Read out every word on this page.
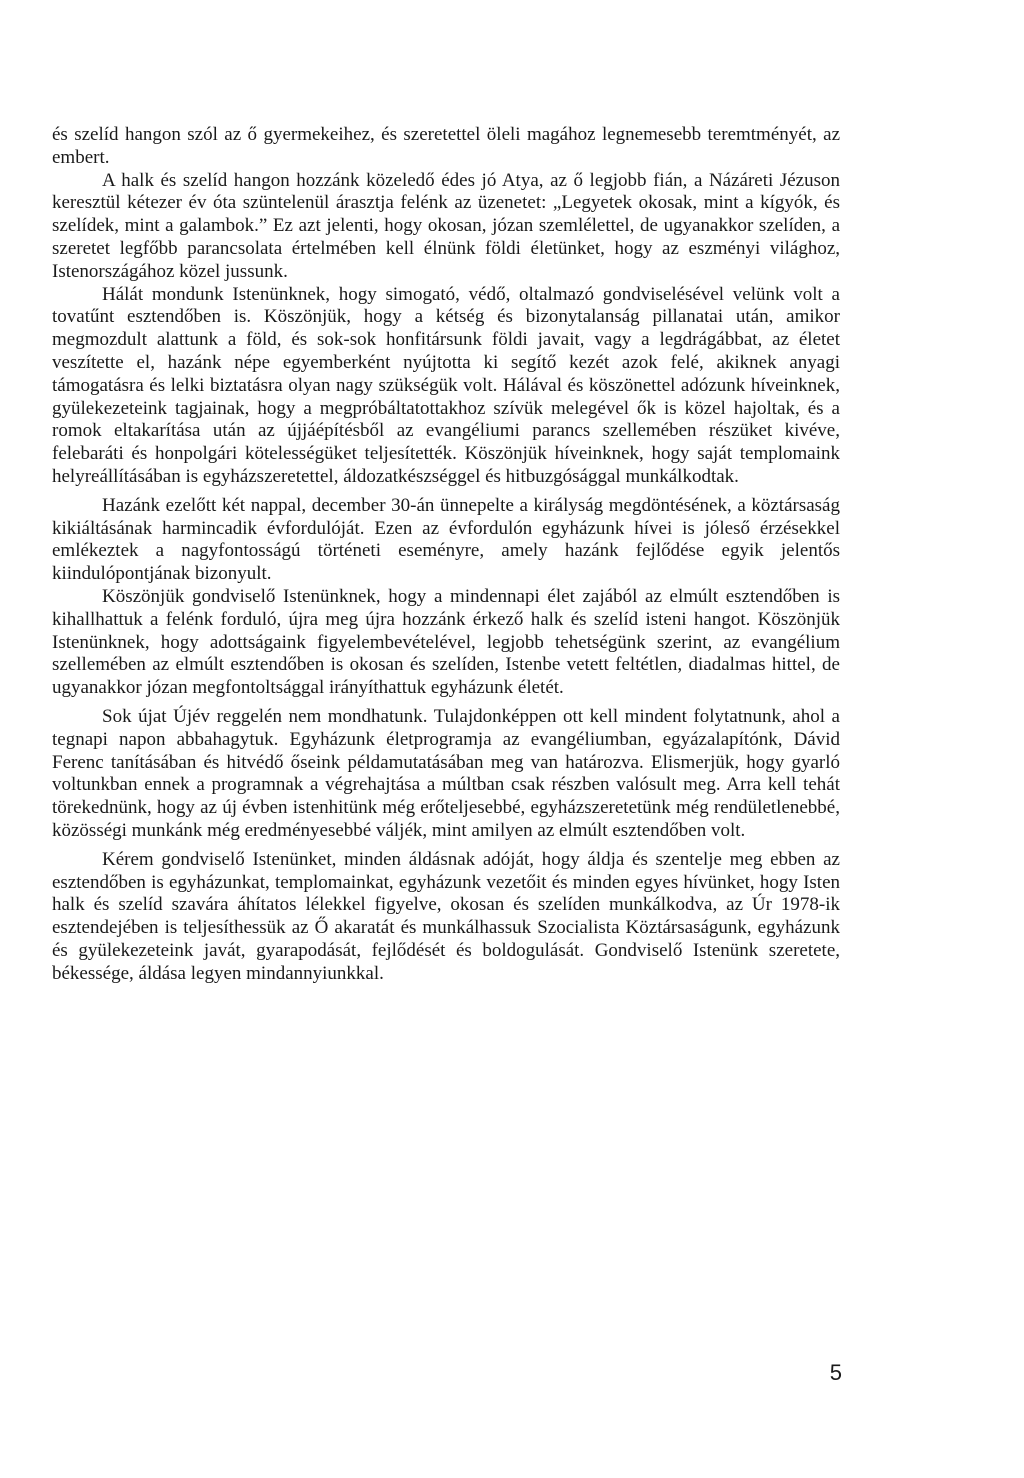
és szelíd hangon szól az ő gyermekeihez, és szeretettel öleli magához legnemesebb teremtményét, az embert.

A halk és szelíd hangon hozzánk közeledő édes jó Atya, az ő legjobb fián, a Názáreti Jézuson keresztül kétezer év óta szüntelenül árasztja felénk az üzenetet: „Legyetek okosak, mint a kígyók, és szelídek, mint a galambok.” Ez azt jelenti, hogy okosan, józan szemlélettel, de ugyanakkor szelíden, a szeretet legfőbb parancsolata értelmében kell élnünk földi életünket, hogy az eszményi világhoz, Istenországához közel jussunk.

Hálát mondunk Istenünknek, hogy simogató, védő, oltalmazó gondviselésével velünk volt a tovatűnt esztendőben is. Köszönjük, hogy a kétség és bizonytalanság pillanatai után, amikor megmozdult alattunk a föld, és sok-sok honfitársunk földi javait, vagy a legdrágábbat, az életet veszítette el, hazánk népe egyemberként nyújtotta ki segítő kezét azok felé, akiknek anyagi támogatásra és lelki biztatásra olyan nagy szükségük volt. Hálával és köszönettel adózunk híveinknek, gyülekezeteink tagjainak, hogy a megpróbáltatottakhoz szívük melegével ők is közel hajoltak, és a romok eltakarítása után az újjáépítésből az evangéliumi parancs szellemében részüket kivéve, felebaráti és honpolgári kötelességüket teljesítették. Köszönjük híveinknek, hogy saját templomaink helyreállításában is egyházszeretettel, áldozatkészséggel és hitbuzgósággal munkálkodtak.

Hazánk ezelőtt két nappal, december 30-án ünnepelte a királyság megdöntésének, a köztársaság kikiáltásának harmincadik évfordulóját. Ezen az évfordulón egyházunk hívei is jóleső érzésekkel emlékeztek a nagyfontosságú történeti eseményre, amely hazánk fejlődése egyik jelentős kiindulópontjának bizonyult.

Köszönjük gondviselő Istenünknek, hogy a mindennapi élet zajából az elmúlt esztendőben is kihallhattuk a felénk forduló, újra meg újra hozzánk érkező halk és szelíd isteni hangot. Köszönjük Istenünknek, hogy adottságaink figyelembevételével, legjobb tehetségünk szerint, az evangélium szellemében az elmúlt esztendőben is okosan és szelíden, Istenbe vetett feltétlen, diadalmas hittel, de ugyanakkor józan megfontoltsággal irányíthattuk egyházunk életét.

Sok újat Újév reggelén nem mondhatunk. Tulajdonképpen ott kell mindent folytatnunk, ahol a tegnapi napon abbahagytuk. Egyházunk életprogramja az evangéliumban, egyázalapítónk, Dávid Ferenc tanításában és hitvédő őseink példamutatásában meg van határozva. Elismerjük, hogy gyarló voltunkban ennek a programnak a végrehajtása a múltban csak részben valósult meg. Arra kell tehát törekednünk, hogy az új évben istenhitünk még erőteljesebbé, egyházszeretetünk még rendületlenebbé, közösségi munkánk még eredményesebbé váljék, mint amilyen az elmúlt esztendőben volt.

Kérem gondviselő Istenünket, minden áldásnak adóját, hogy áldja és szentelje meg ebben az esztendőben is egyházunkat, templomainkat, egyházunk vezetőit és minden egyes hívünket, hogy Isten halk és szelíd szavára áhítatos lélekkel figyelve, okosan és szelíden munkálkodva, az Úr 1978-ik esztendejében is teljesíthessük az Ő akaratát és munkálhassuk Szocialista Köztársaságunk, egyházunk és gyülekezeteink javát, gyarapodását, fejlődését és boldogulását. Gondviselő Istenünk szeretete, békessége, áldása legyen mindannyiunkkal.

5
